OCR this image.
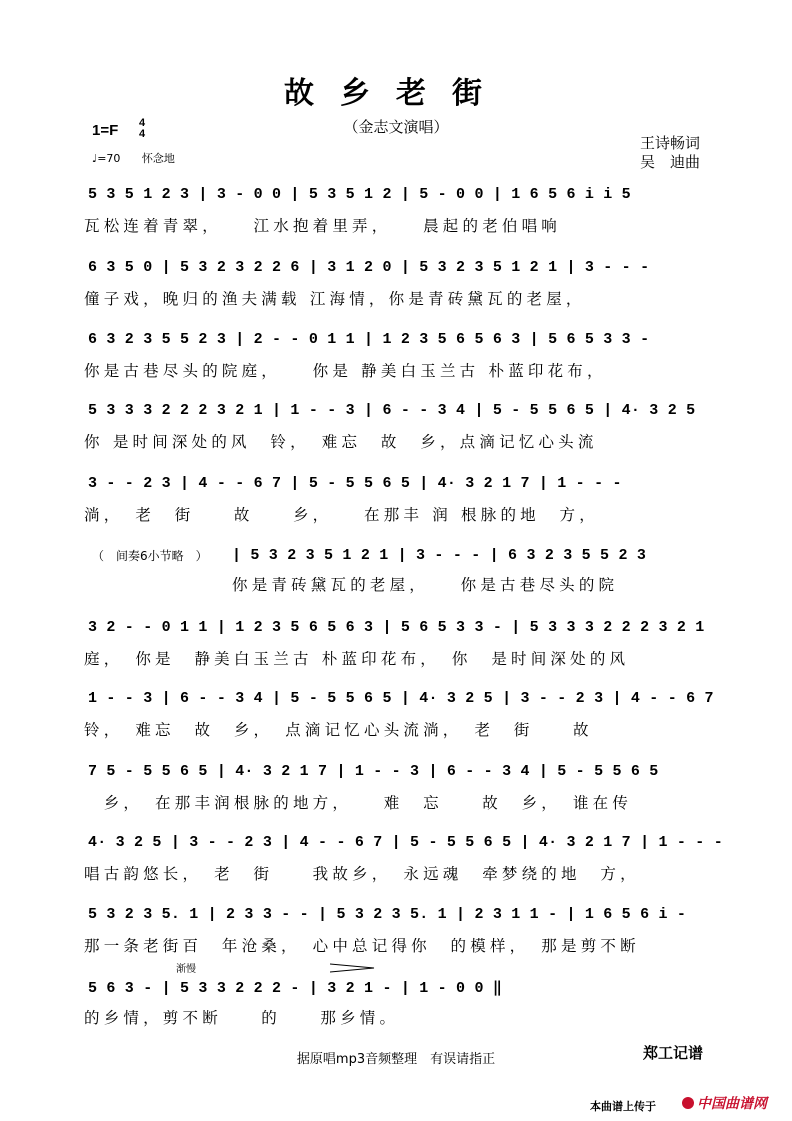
故乡老街
（金志文演唱）
1=F 4
4
♩=70 怀念地
王诗畅词
吴　迪曲
5 3 5 1 2 3 | 3 - 0 0 | 5 3 5 1 2 | 5 - 0 0 | 1 6 5 6 i i 5
瓦松连着青翠，　　江水抱着里弄，　　晨起的老伯唱响
6 3 5 0 | 5 3 2 3 2 2 6 | 3 1 2 0 | 5 3 2 3 5 1 2 1 | 3 - - -
僮子戏，晚归的渔夫满载 江海情，你是青砖黛瓦的老屋，
6 3 2 3 5 5 2 3 | 2 - - 0 1 1 | 1 2 3 5 6 5 6 3 | 5 6 5 3 3 -
你是古巷尽头的院庭，　　你是 静美白玉兰古 朴蓝印花布，
5 3 3 3 2 2 2 3 2 1 | 1 - - 3 | 6 - - 3 4 | 5 - 5 5 6 5 | 4· 3 2 5
你 是时间深处的风　铃，　难忘　故　乡，点滴记忆心头流
3 - - 2 3 | 4 - - 6 7 | 5 - 5 5 6 5 | 4· 3 2 1 7 | 1 - - -
淌，　老　街　　故　　乡，　　在那丰 润 根脉的地　方，
（　间奏6小节略　） | 5 3 2 3 5 1 2 1 | 3 - - - | 6 3 2 3 5 5 2 3
你是青砖黛瓦的老屋，　　你是古巷尽头的院
3 2 - - 0 1 1 | 1 2 3 5 6 5 6 3 | 5 6 5 3 3 - | 5 3 3 3 2 2 2 3 2 1
庭，　你是　静美白玉兰古 朴蓝印花布，　你　是时间深处的风
1 - - 3 | 6 - - 3 4 | 5 - 5 5 6 5 | 4· 3 2 5 | 3 - - 2 3 | 4 - - 6 7
铃，　难忘　故　乡，　点滴记忆心头流淌，　老　街　　故
7 5 - 5 5 6 5 | 4· 3 2 1 7 | 1 - - 3 | 6 - - 3 4 | 5 - 5 5 6 5
　乡，　在那丰润根脉的地方，　　难　忘　　故　乡，　谁在传
4· 3 2 5 | 3 - - 2 3 | 4 - - 6 7 | 5 - 5 5 6 5 | 4· 3 2 1 7 | 1 - - -
唱古韵悠长，　老　街　　我故乡，　永远魂　牵梦绕的地　方，
5 3 2 3 5. 1 | 2 3 3 - - | 5 3 2 3 5. 1 | 2 3 1 1 - | 1 6 5 6 i -
那一条老街百　年沧桑，　心中总记得你　的模样，　那是剪不断
渐慢
5 6 3 - | 5 3 3 2 2 2 - | 3 2 1 - | 1 - 0 0 ‖
的乡情，剪不断　　的　　那乡情。
郑工记谱
据原唱mp3音频整理　有误请指正
本曲谱上传于	中国曲谱网
